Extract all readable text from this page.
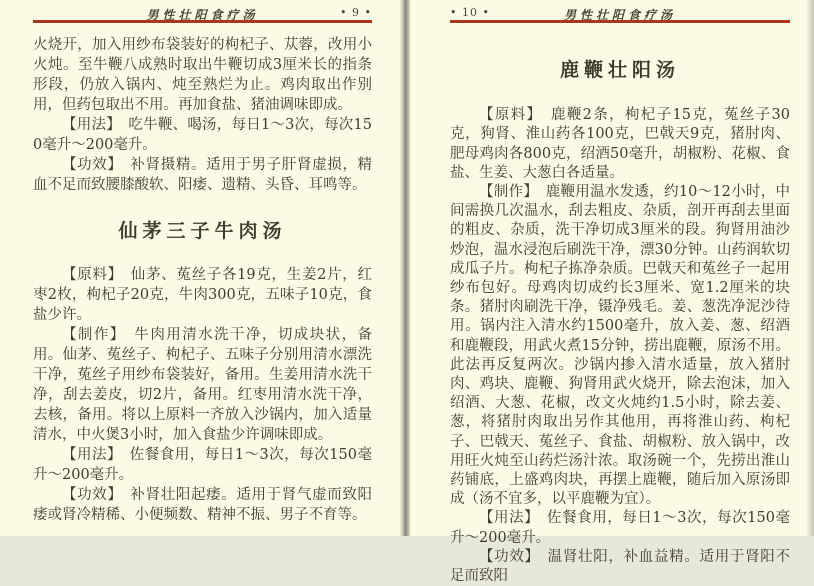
男性壮阳食疗汤	• 9 •

火烧开，加入用纱布袋装好的枸杞子、苁蓉，改用小火炖。至牛鞭八成熟时取出牛鞭切成3厘米长的指条形段，仍放入锅内、炖至熟烂为止。鸡肉取出作别用，但药包取出不用。再加食盐、猪油调味即成。

【用法】　吃牛鞭、喝汤，每日1～3次，每次150毫升～200毫升。

【功效】　补肾摄精。适用于男子肝肾虚损，精血不足而致腰膝酸软、阳痿、遗精、头昏、耳鸣等。

仙茅三子牛肉汤

【原料】　仙茅、菟丝子各19克，生姜2片，红枣2枚，枸杞子20克，牛肉300克，五味子10克，食盐少许。

【制作】　牛肉用清水洗干净，切成块状，备用。仙茅、菟丝子、枸杞子、五味子分别用清水漂洗干净，菟丝子用纱布袋装好，备用。生姜用清水洗干净，刮去姜皮，切2片，备用。红枣用清水洗干净，去核，备用。将以上原料一齐放入沙锅内，加入适量清水，中火煲3小时，加入食盐少许调味即成。

【用法】　佐餐食用，每日1～3次，每次150毫升～200毫升。

【功效】　补肾壮阳起痿。适用于肾气虚而致阳痿或肾冷精稀、小便频数、精神不振、男子不育等。

男性壮阳食疗汤
• 10 •
鹿鞭壮阳汤

【原料】　鹿鞭2条，枸杞子15克，菟丝子30克，狗肾、淮山药各100克，巴戟天9克，猪肘肉、肥母鸡肉各800克，绍酒50毫升，胡椒粉、花椒、食盐、生姜、大葱白各适量。

【制作】　鹿鞭用温水发透，约10～12小时，中间需换几次温水，刮去粗皮、杂质，剖开再刮去里面的粗皮、杂质，洗干净切成3厘米的段。狗肾用油沙炒泡，温水浸泡后刷洗干净，漂30分钟。山药润软切成瓜子片。枸杞子拣净杂质。巴戟天和菟丝子一起用纱布包好。母鸡肉切成约长3厘米、宽1.2厘米的块条。猪肘肉刷洗干净，镊净残毛。姜、葱洗净泥沙待用。锅内注入清水约1500毫升，放入姜、葱、绍酒和鹿鞭段，用武火煮15分钟，捞出鹿鞭，原汤不用。此法再反复两次。沙锅内掺入清水适量，放入猪肘肉、鸡块、鹿鞭、狗肾用武火烧开，除去泡沫，加入绍酒、大葱、花椒，改文火炖约1.5小时，除去姜、葱，将猪肘肉取出另作其他用，再将淮山药、枸杞子、巴戟天、菟丝子、食盐、胡椒粉、放入锅中，改用旺火炖至山药烂汤汁浓。取汤碗一个，先捞出淮山药铺底，上盛鸡肉块，再摆上鹿鞭，随后加入原汤即成（汤不宜多，以平鹿鞭为宜）。

【用法】　佐餐食用，每日1～3次，每次150毫升～200毫升。

【功效】　温肾壮阳，补血益精。适用于肾阳不足而致阳
